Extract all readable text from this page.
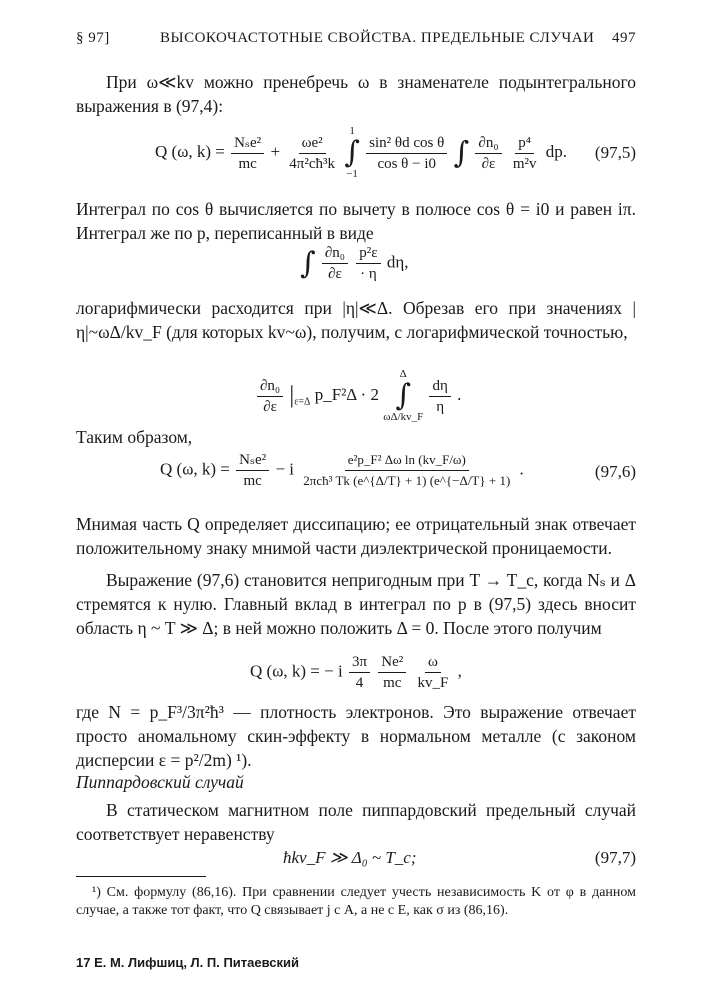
§ 97]	ВЫСОКОЧАСТОТНЫЕ СВОЙСТВА. ПРЕДЕЛЬНЫЕ СЛУЧАИ 497
При ω≪kv можно пренебречь ω в знаменателе подынтегрального выражения в (97,4):
Q (ω, $k) = \frac{\text{Nₛe²}}{mc} + \frac{\text{ωe²}}{\text{4π²cħ³k}}$

1
∫
−1

$\frac{\text{sin² θd cos θ}}{\text{cos θ − i0}}$ ∫ $\frac{\text{∂n₀}}{\partial\varepsilon}$
$\frac{\text{p⁴}}{\text{m²v}}$ dp. (97,5)
Интеграл по cos θ вычисляется по вычету в полюсе cos θ = i0 и равен iπ. Интеграл же по p, переписанный в виде
∫ $\frac{\text{∂n₀}}{\partial\varepsilon}$
$\frac{\text{p²ε}}{\cdot \eta} d\eta$,
логарифмически расходится при |η|≪Δ. Обрезав его при значениях |η|~ωΔ/kv_F (для которых kv~ω), получим, с логарифмической точностью,
$\frac{\text{∂n₀}}{\partial\varepsilon} |_{\varepsilon=\Delta}$ p_F²Δ · 2
Δ
∫
ωΔ/kv_F

$\frac{d\eta}{\eta}$ .
Таким образом,
Q (ω, $k) = \frac{\text{Nₛe²}}{mc} - i \frac{\text{e²p\_F² Δω ln (kv\_F/ω)}}{\text{2πcħ³ Tk (e\textasciicircum{}\{Δ/T\} + 1) (e\textasciicircum{}\{−Δ/T\} + 1)}}$ .	(97,6)
Мнимая часть Q определяет диссипацию; ее отрицательный знак отвечает положительному знаку мнимой части диэлектрической проницаемости.
Выражение (97,6) становится непригодным при T → T_c, когда Nₛ и Δ стремятся к нулю. Главный вклад в интеграл по p в (97,5) здесь вносит область η ~ T ≫ Δ; в ней можно положить Δ = 0. После этого получим
Q (ω, k) = − i $\frac{3\pi}{4}$
$\frac{\text{Ne²}}{mc}$
$\frac{\omega}{kv\_F}$ ,
где N = p_F³/3π²ħ³ — плотность электронов. Это выражение отвечает просто аномальному скин-эффекту в нормальном металле (с законом дисперсии ε = p²/2m) ¹).
Пиппардовский случай
В статическом магнитном поле пиппардовский предельный случай соответствует неравенству
ħkv_F ≫ Δ₀ ~ T_c;	(97,7)
¹) См. формулу (86,16). При сравнении следует учесть независимость K от φ в данном случае, а также тот факт, что Q связывает j с A, а не с E, как σ из (86,16).
17 Е. М. Лифшиц, Л. П. Питаевский
